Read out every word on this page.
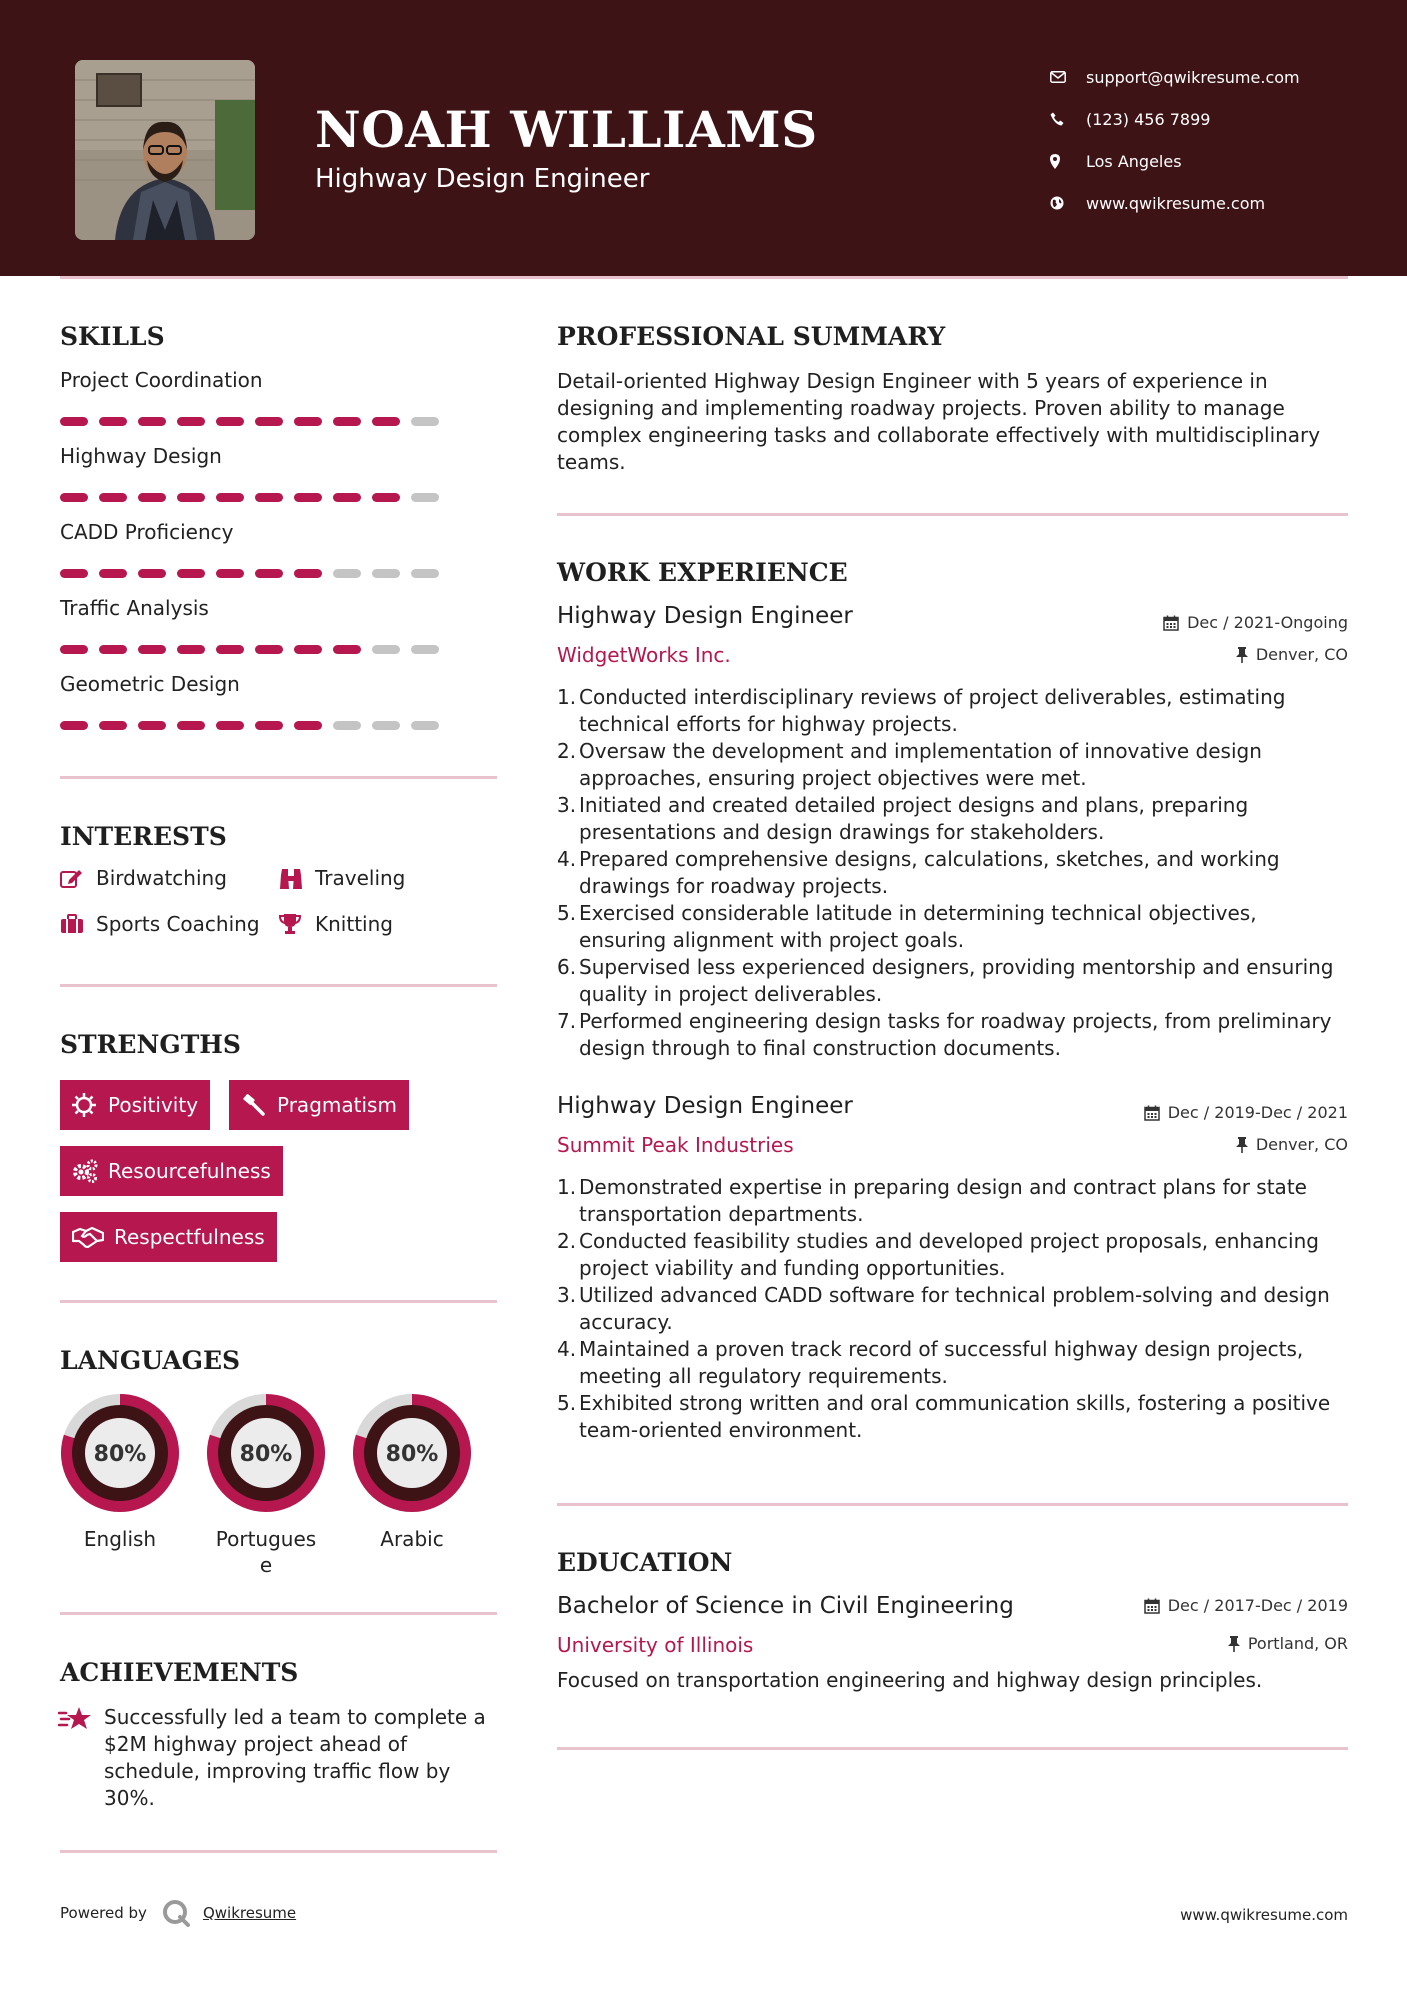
NOAH WILLIAMS
Highway Design Engineer
support@qwikresume.com
(123) 456 7899
Los Angeles
www.qwikresume.com
SKILLS
Project Coordination
Highway Design
CADD Proficiency
Traffic Analysis
Geometric Design
INTERESTS
Birdwatching	Traveling
Sports Coaching	Knitting
STRENGTHS
Positivity	Pragmatism
Resourcefulness
Respectfulness
LANGUAGES
80%
English
80%
Portugues
e
80%
Arabic
ACHIEVEMENTS
Successfully led a team to complete a $2M highway project ahead of schedule, improving traffic flow by 30%.
PROFESSIONAL SUMMARY
Detail-oriented Highway Design Engineer with 5 years of experience in designing and implementing roadway projects. Proven ability to manage complex engineering tasks and collaborate effectively with multidisciplinary teams.
WORK EXPERIENCE
Highway Design Engineer	Dec / 2021-Ongoing
WidgetWorks Inc.	Denver, CO
1. Conducted interdisciplinary reviews of project deliverables, estimating technical efforts for highway projects.
2. Oversaw the development and implementation of innovative design approaches, ensuring project objectives were met.
3. Initiated and created detailed project designs and plans, preparing presentations and design drawings for stakeholders.
4. Prepared comprehensive designs, calculations, sketches, and working drawings for roadway projects.
5. Exercised considerable latitude in determining technical objectives, ensuring alignment with project goals.
6. Supervised less experienced designers, providing mentorship and ensuring quality in project deliverables.
7. Performed engineering design tasks for roadway projects, from preliminary design through to final construction documents.
Highway Design Engineer	Dec / 2019-Dec / 2021
Summit Peak Industries	Denver, CO
1. Demonstrated expertise in preparing design and contract plans for state transportation departments.
2. Conducted feasibility studies and developed project proposals, enhancing project viability and funding opportunities.
3. Utilized advanced CADD software for technical problem-solving and design accuracy.
4. Maintained a proven track record of successful highway design projects, meeting all regulatory requirements.
5. Exhibited strong written and oral communication skills, fostering a positive team-oriented environment.
EDUCATION
Bachelor of Science in Civil Engineering	Dec / 2017-Dec / 2019
University of Illinois	Portland, OR
Focused on transportation engineering and highway design principles.
Powered by	Qwikresume	www.qwikresume.com
